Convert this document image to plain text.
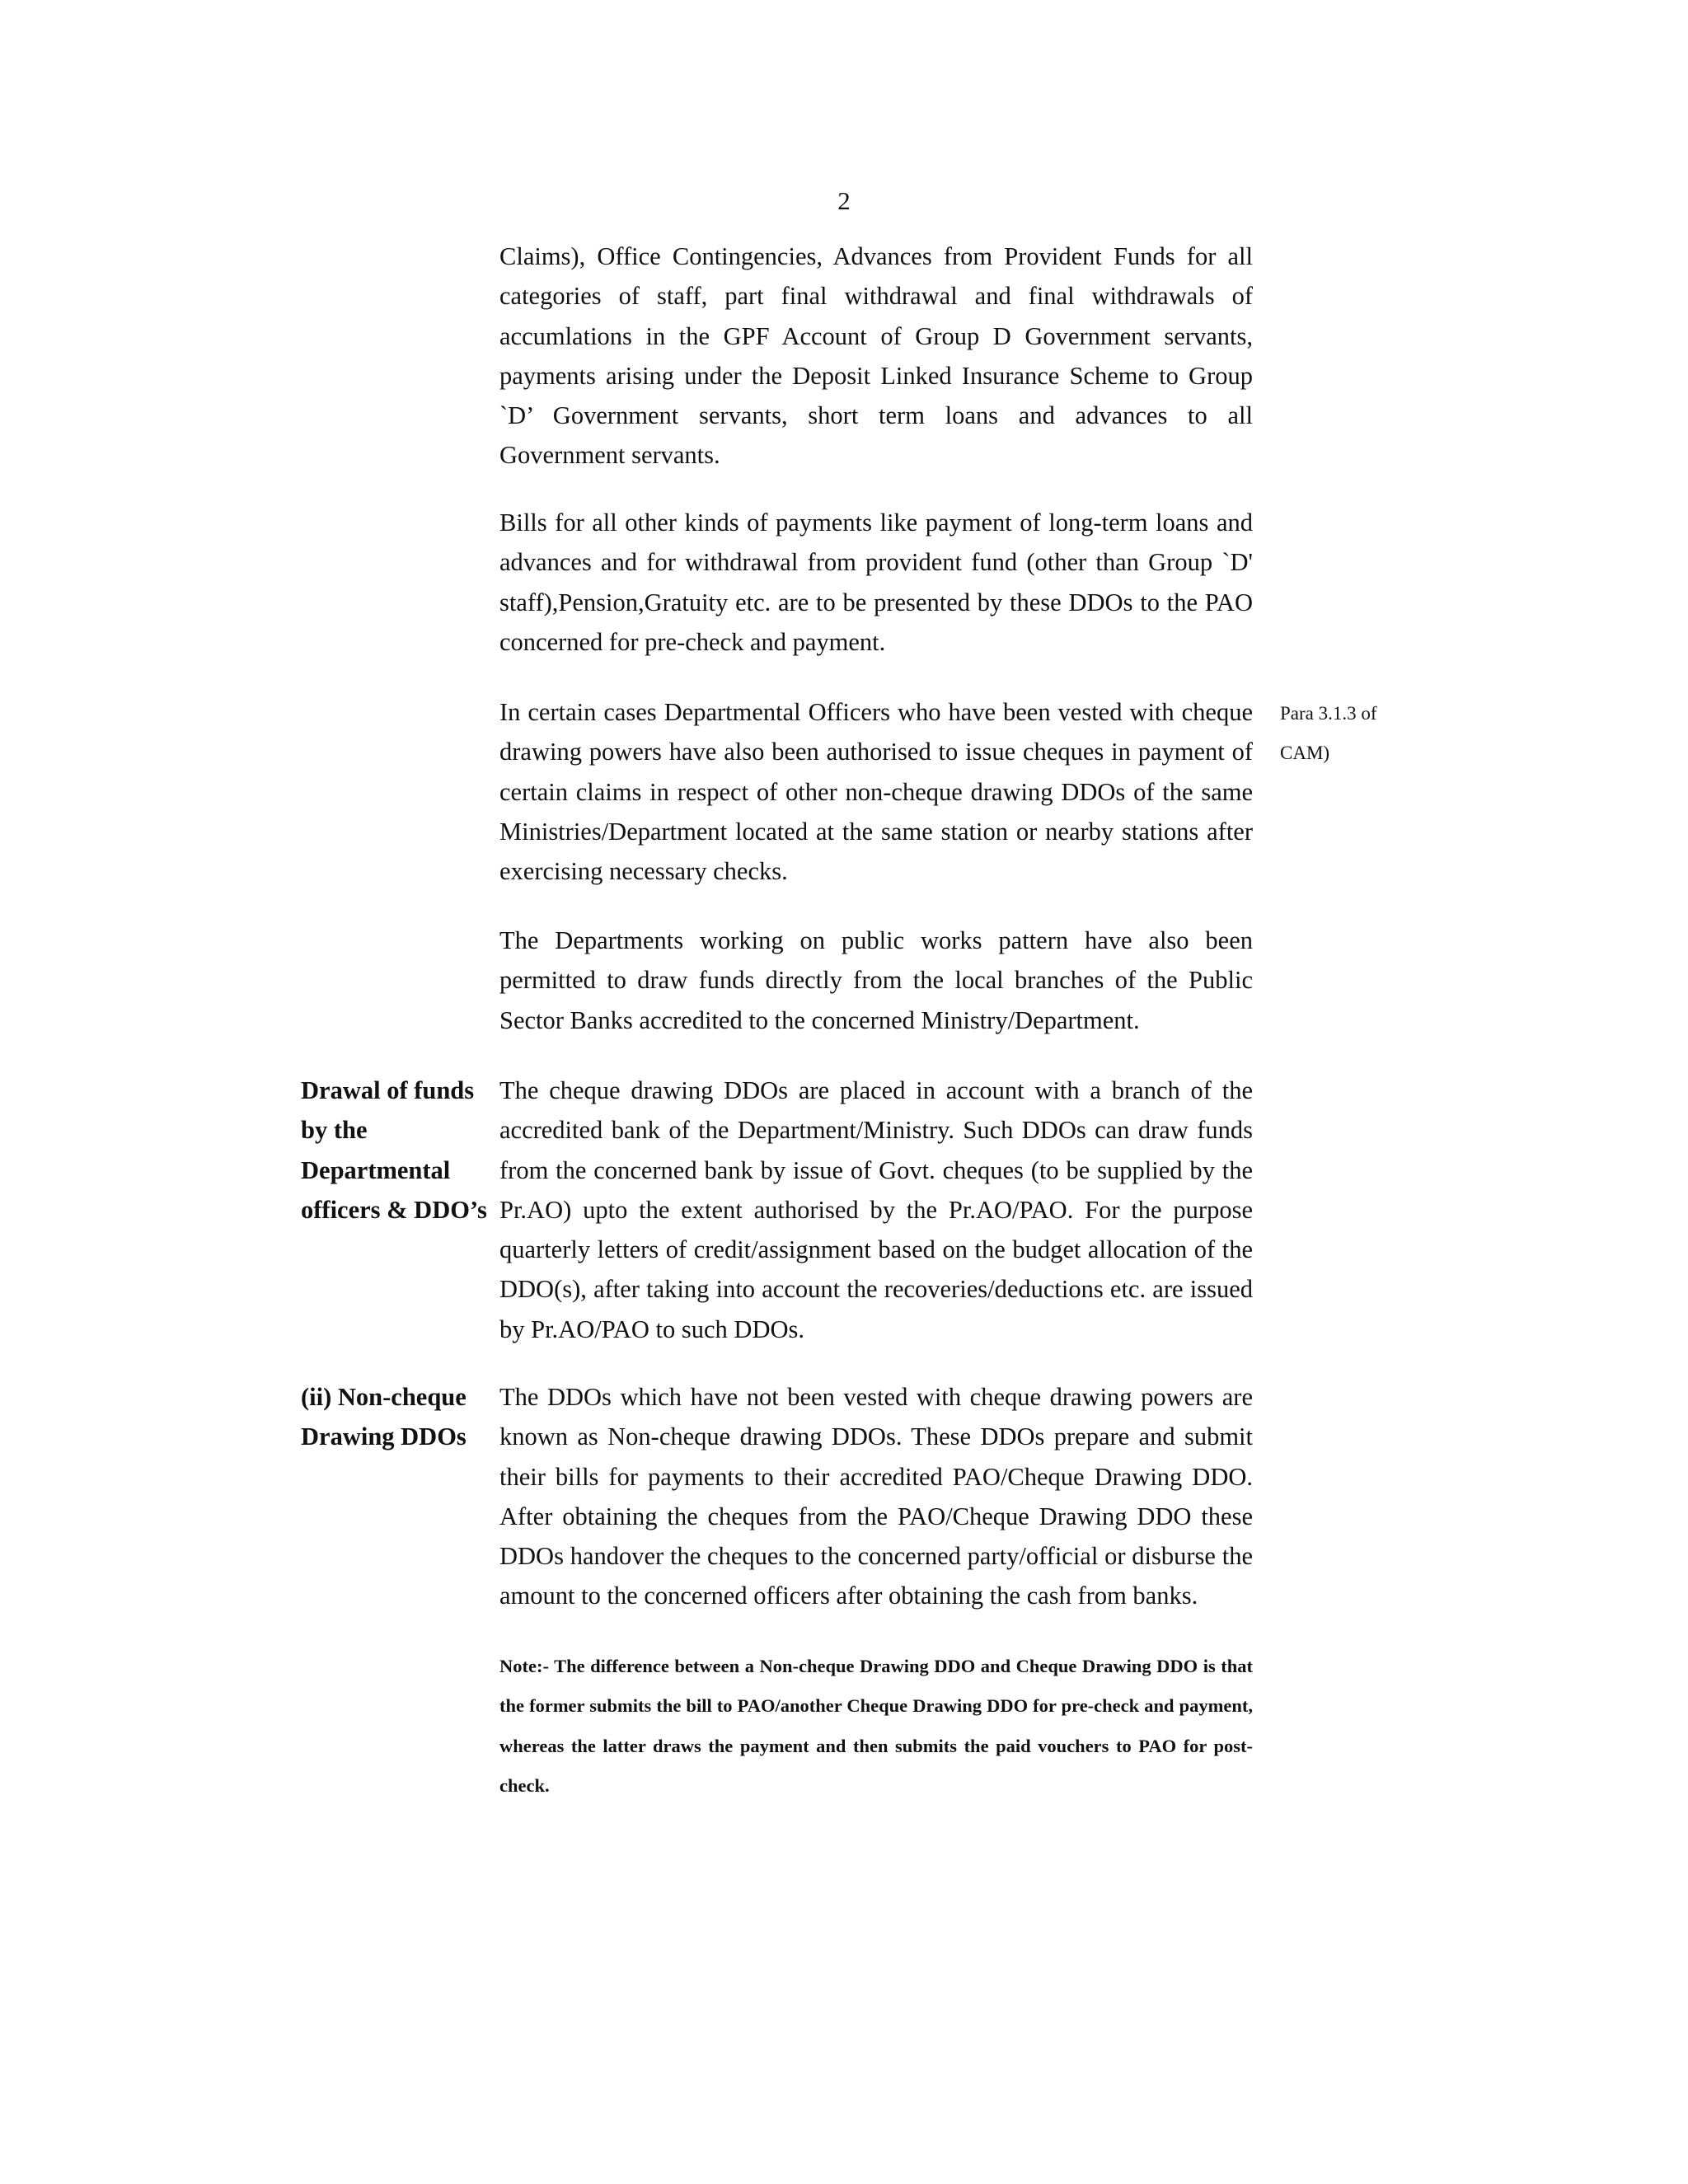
2

Claims), Office Contingencies, Advances from Provident Funds for all categories of staff, part final withdrawal and final withdrawals of accumlations in the GPF Account of Group D Government servants, payments arising under the Deposit Linked Insurance Scheme to Group `D’ Government servants, short term loans and advances to all Government servants.

Bills for all other kinds of payments like payment of long-term loans and advances and for withdrawal from provident fund (other than Group `D' staff),Pension,Gratuity etc. are to be presented by these DDOs to the PAO concerned for pre-check and payment.

In certain cases Departmental Officers who have been vested with cheque drawing powers have also been authorised to issue cheques in payment of certain claims in respect of other non-cheque drawing DDOs of the same Ministries/Department located at the same station or nearby stations after exercising necessary checks.

Para 3.1.3 of CAM)

The Departments working on public works pattern have also been permitted to draw funds directly from the local branches of the Public Sector Banks accredited to the concerned Ministry/Department.

Drawal of funds by the Departmental officers & DDO’s

The cheque drawing DDOs are placed in account with a branch of the accredited bank of the Department/Ministry. Such DDOs can draw funds from the concerned bank by issue of Govt. cheques (to be supplied by the Pr.AO) upto the extent authorised by the Pr.AO/PAO. For the purpose quarterly letters of credit/assignment based on the budget allocation of the DDO(s), after taking into account the recoveries/deductions etc. are issued by Pr.AO/PAO to such DDOs.

(ii) Non-cheque Drawing DDOs

The DDOs which have not been vested with cheque drawing powers are known as Non-cheque drawing DDOs. These DDOs prepare and submit their bills for payments to their accredited PAO/Cheque Drawing DDO. After obtaining the cheques from the PAO/Cheque Drawing DDO these DDOs handover the cheques to the concerned party/official or disburse the amount to the concerned officers after obtaining the cash from banks.

Note:- The difference between a Non-cheque Drawing DDO and Cheque Drawing DDO is that the former submits the bill to PAO/another Cheque Drawing DDO for pre-check and payment, whereas the latter draws the payment and then submits the paid vouchers to PAO for post-check.
